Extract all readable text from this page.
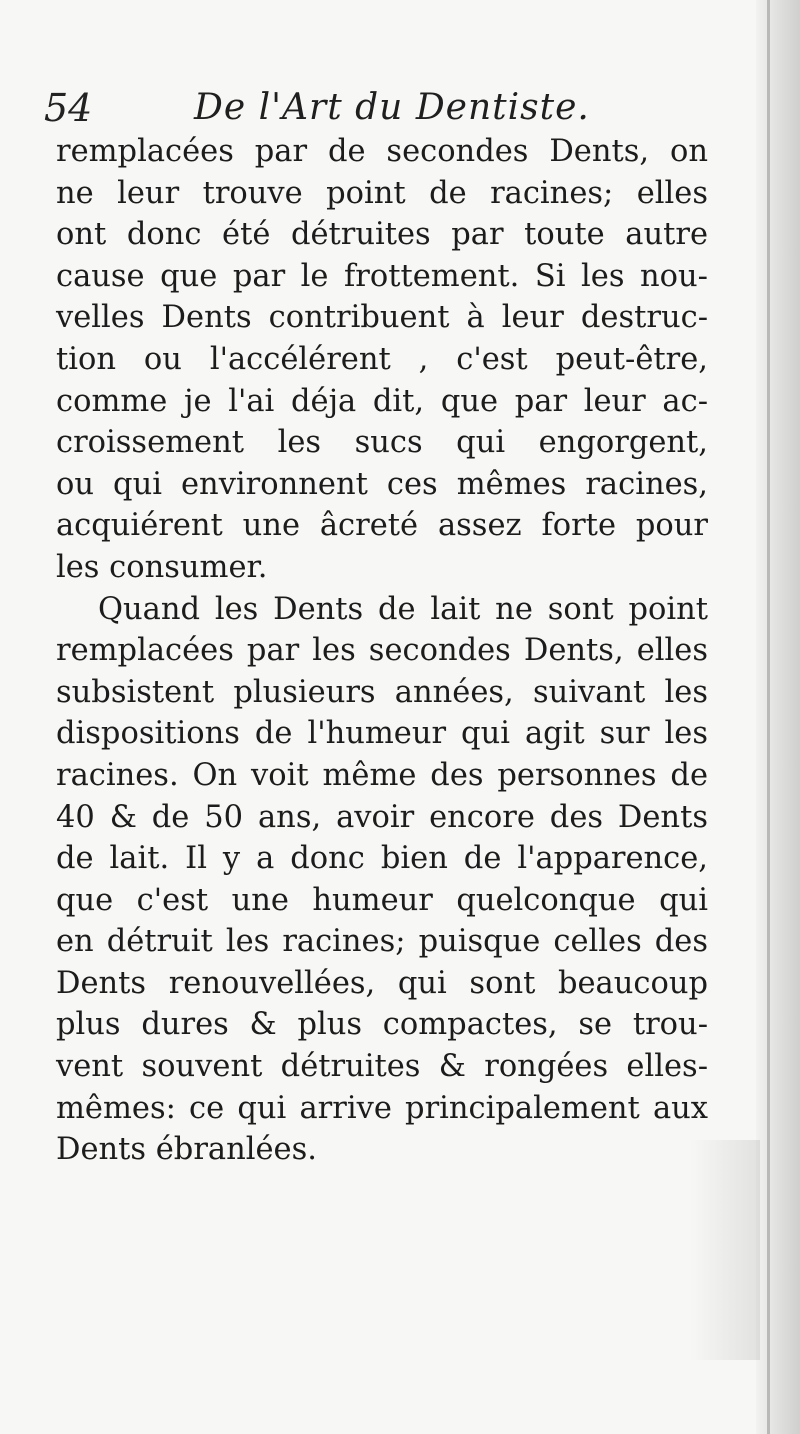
54	De l'Art du Dentiste.
remplacées par de secondes Dents, on
ne leur trouve point de racines; elles
ont donc été détruites par toute autre
cause que par le frottement. Si les nou-
velles Dents contribuent à leur destruc-
tion ou l'accélérent , c'est peut-être,
comme je l'ai déja dit, que par leur ac-
croissement les sucs qui engorgent,
ou qui environnent ces mêmes racines,
acquiérent une âcreté assez forte pour
les consumer.
Quand les Dents de lait ne sont point
remplacées par les secondes Dents, elles
subsistent plusieurs années, suivant les
dispositions de l'humeur qui agit sur les
racines. On voit même des personnes de
40 & de 50 ans, avoir encore des Dents
de lait. Il y a donc bien de l'apparence,
que c'est une humeur quelconque qui
en détruit les racines; puisque celles des
Dents renouvellées, qui sont beaucoup
plus dures & plus compactes, se trou-
vent souvent détruites & rongées elles-
mêmes: ce qui arrive principalement aux
Dents ébranlées.
